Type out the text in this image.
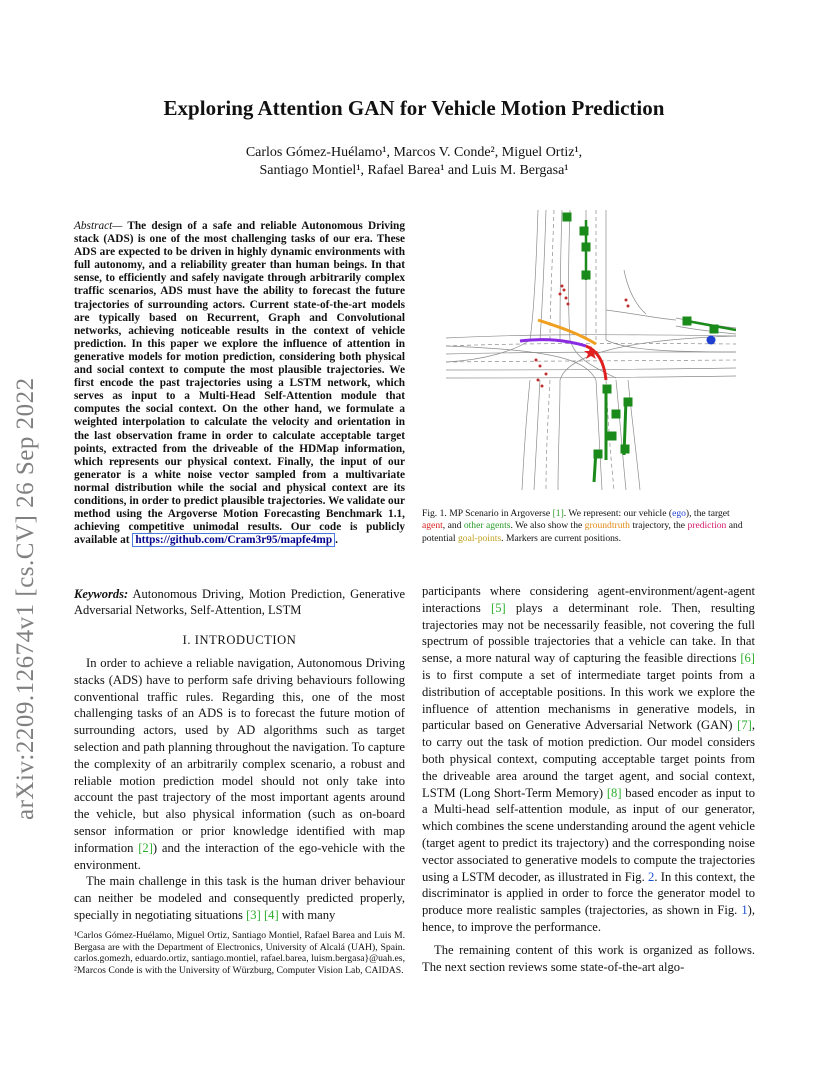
arXiv:2209.12674v1 [cs.CV] 26 Sep 2022
Exploring Attention GAN for Vehicle Motion Prediction
Carlos Gómez-Huélamo¹, Marcos V. Conde², Miguel Ortiz¹,
Santiago Montiel¹, Rafael Barea¹ and Luis M. Bergasa¹
Abstract— The design of a safe and reliable Autonomous Driving stack (ADS) is one of the most challenging tasks of our era. These ADS are expected to be driven in highly dynamic environments with full autonomy, and a reliability greater than human beings. In that sense, to efficiently and safely navigate through arbitrarily complex traffic scenarios, ADS must have the ability to forecast the future trajectories of surrounding actors. Current state-of-the-art models are typically based on Recurrent, Graph and Convolutional networks, achieving noticeable results in the context of vehicle prediction. In this paper we explore the influence of attention in generative models for motion prediction, considering both physical and social context to compute the most plausible trajectories. We first encode the past trajectories using a LSTM network, which serves as input to a Multi-Head Self-Attention module that computes the social context. On the other hand, we formulate a weighted interpolation to calculate the velocity and orientation in the last observation frame in order to calculate acceptable target points, extracted from the driveable of the HDMap information, which represents our physical context. Finally, the input of our generator is a white noise vector sampled from a multivariate normal distribution while the social and physical context are its conditions, in order to predict plausible trajectories. We validate our method using the Argoverse Motion Forecasting Benchmark 1.1, achieving competitive unimodal results. Our code is publicly available at https://github.com/Cram3r95/mapfe4mp .
Keywords: Autonomous Driving, Motion Prediction, Generative Adversarial Networks, Self-Attention, LSTM
I. INTRODUCTION

In order to achieve a reliable navigation, Autonomous Driving stacks (ADS) have to perform safe driving behaviours following conventional traffic rules. Regarding this, one of the most challenging tasks of an ADS is to forecast the future motion of surrounding actors, used by AD algorithms such as target selection and path planning throughout the navigation. To capture the complexity of an arbitrarily complex scenario, a robust and reliable motion prediction model should not only take into account the past trajectory of the most important agents around the vehicle, but also physical information (such as on-board sensor information or prior knowledge identified with map information [2]) and the interaction of the ego-vehicle with the environment.

The main challenge in this task is the human driver behaviour can neither be modeled and consequently predicted properly, specially in negotiating situations [3] [4] with many

¹Carlos Gómez-Huélamo, Miguel Ortiz, Santiago Montiel, Rafael Barea and Luis M. Bergasa are with the Department of Electronics, University of Alcalá (UAH), Spain. carlos.gomezh, eduardo.ortiz, santiago.montiel, rafael.barea, luism.bergasa}@uah.es, ²Marcos Conde is with the University of Würzburg, Computer Vision Lab, CAIDAS.
Fig. 1. MP Scenario in Argoverse [1]. We represent: our vehicle (ego), the target agent, and other agents. We also show the groundtruth trajectory, the prediction and potential goal-points. Markers are current positions.

participants where considering agent-environment/agent-agent interactions [5] plays a determinant role. Then, resulting trajectories may not be necessarily feasible, not covering the full spectrum of possible trajectories that a vehicle can take. In that sense, a more natural way of capturing the feasible directions [6] is to first compute a set of intermediate target points from a distribution of acceptable positions. In this work we explore the influence of attention mechanisms in generative models, in particular based on Generative Adversarial Network (GAN) [7], to carry out the task of motion prediction. Our model considers both physical context, computing acceptable target points from the driveable area around the target agent, and social context, LSTM (Long Short-Term Memory) [8] based encoder as input to a Multi-head self-attention module, as input of our generator, which combines the scene understanding around the agent vehicle (target agent to predict its trajectory) and the corresponding noise vector associated to generative models to compute the trajectories using a LSTM decoder, as illustrated in Fig. 2. In this context, the discriminator is applied in order to force the generator model to produce more realistic samples (trajectories, as shown in Fig. 1), hence, to improve the performance.

The remaining content of this work is organized as follows. The next section reviews some state-of-the-art algo-
